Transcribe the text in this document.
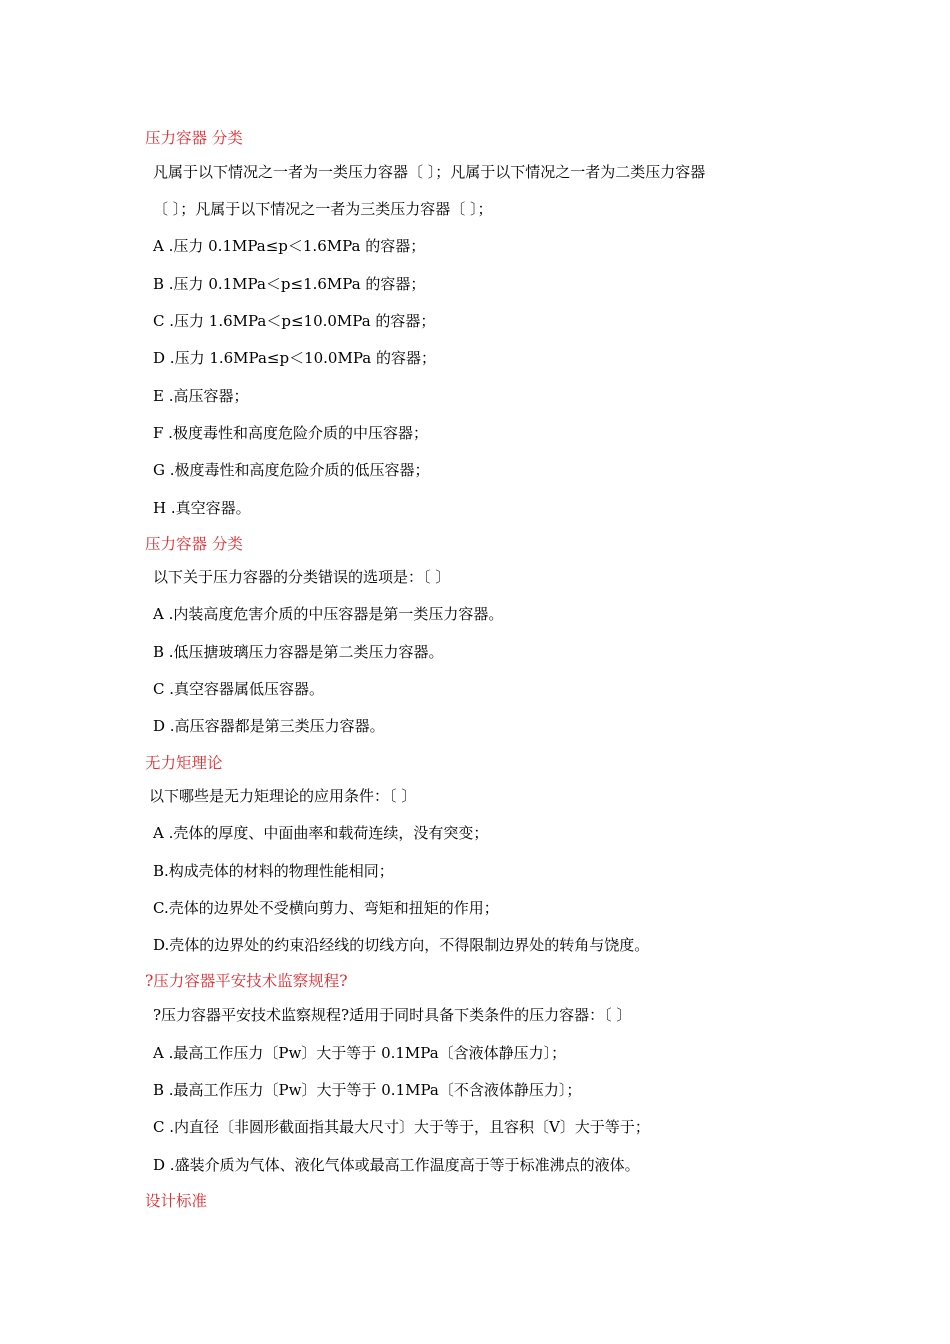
压力容器 分类
凡属于以下情况之一者为一类压力容器〔 〕；凡属于以下情况之一者为二类压力容器
〔 〕；凡属于以下情况之一者为三类压力容器〔 〕；
A .压力 0.1MPa≤p＜1.6MPa 的容器；
B .压力 0.1MPa＜p≤1.6MPa 的容器；
C .压力 1.6MPa＜p≤10.0MPa 的容器；
D .压力 1.6MPa≤p＜10.0MPa 的容器；
E .高压容器；
F .极度毒性和高度危险介质的中压容器；
G .极度毒性和高度危险介质的低压容器；
H .真空容器。
压力容器 分类
以下关于压力容器的分类错误的选项是：〔 〕
A .内装高度危害介质的中压容器是第一类压力容器。
B .低压搪玻璃压力容器是第二类压力容器。
C .真空容器属低压容器。
D .高压容器都是第三类压力容器。
无力矩理论
以下哪些是无力矩理论的应用条件：〔 〕
A .壳体的厚度、中面曲率和载荷连续，没有突变；
B.构成壳体的材料的物理性能相同；
C.壳体的边界处不受横向剪力、弯矩和扭矩的作用；
D.壳体的边界处的约束沿经线的切线方向，不得限制边界处的转角与饶度。
?压力容器平安技术监察规程?
?压力容器平安技术监察规程?适用于同时具备下类条件的压力容器：〔 〕
A .最高工作压力〔Pw〕大于等于 0.1MPa〔含液体静压力〕；
B .最高工作压力〔Pw〕大于等于 0.1MPa〔不含液体静压力〕；
C .内直径〔非圆形截面指其最大尺寸〕大于等于，且容积〔V〕大于等于；
D .盛装介质为气体、液化气体或最高工作温度高于等于标准沸点的液体。
设计标准
